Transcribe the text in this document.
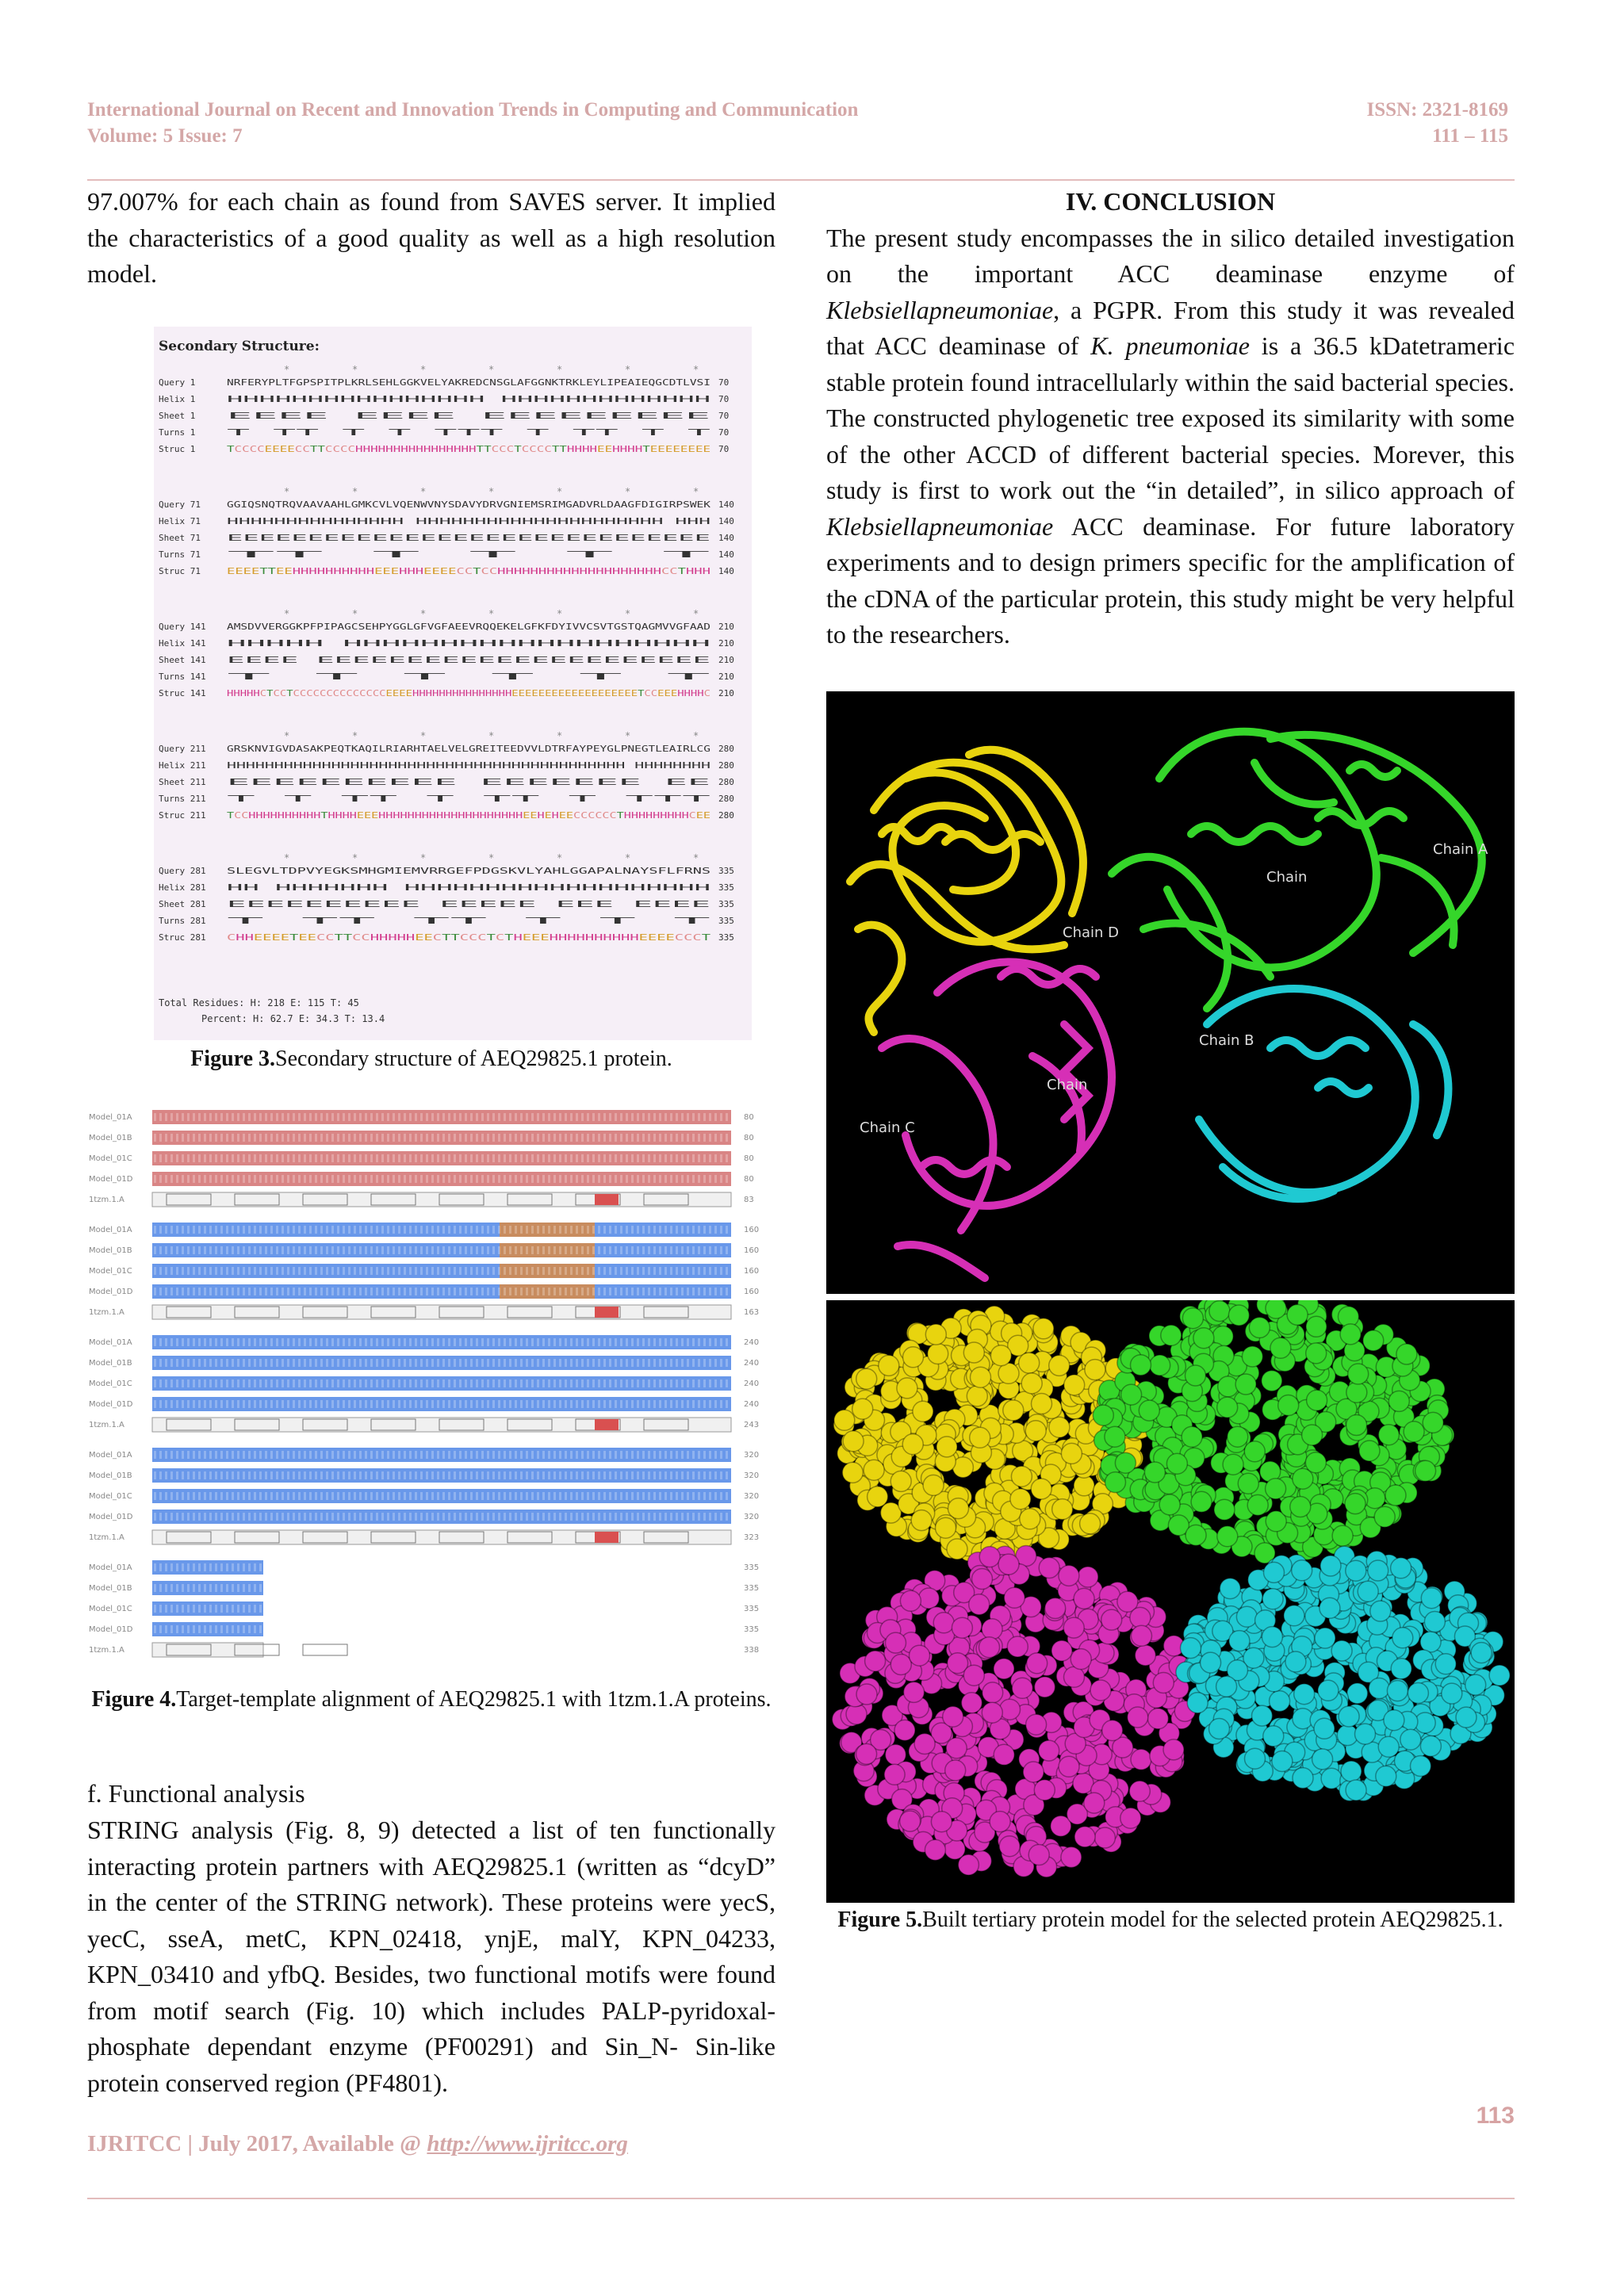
International Journal on Recent and Innovation Trends in Computing and Communication
Volume: 5 Issue: 7
ISSN: 2321-8169
111 – 115

97.007% for each chain as found from SAVES server. It implied the characteristics of a good quality as well as a high resolution model.

Secondary Structure:
*	*	*	*	*	*	*
*	*	*	*	*	*	*
*	*	*	*	*	*	*
*	*	*	*	*	*	*
*	*	*	*	*	*	*
Query 1	NRFERYPLTFGPSPITPLKRLSEHLGGKVELYAKREDCNSGLAFGGNKTRKLEYLIPEAIEQGCDTLVSI 70
Helix 1	HHHHHHHHHHHHHHHH HHHHHHHHHHHHH 70
Sheet 1	EEEE EEEE EEEEEEEEE 70
Turns 1	T TT T T TTT T TT T T 70
Struc 1	T C C C C E E E E C C T T C C C C H H H H H H H H H H H H H H H H T T C C C T C C C C T T H H H H E E H H H H T E E E E E E E E 70
Query 71	GGIQSNQTRQVAAVAAHLGMKCVLVQENWVNYSDAVYDRVGNIEMSRIMGADVRLDAAGFDIGIRPSWEK 140
Helix 71	HHHHHHHHHHHHHHH HHHHHHHHHHHHHHHHHHHHH HHH 140
Sheet 71	EEEEEEEEEEEEEEEEEEEEEEEEEEEEEE 140
Turns 71	TT T T T T 140
Struc 71	E E E E T T E E H H H H H H H H H H E E E H H H E E E E C C T C C H H H H H H H H H H H H H H H H H H H H C C T H H H	140
Query 141 AMSDVVERGGKPFPIPAGCSEHPYGGLGFVGFAEEVRQQEKELGFKFDYIVVCSVTGSTQAGMVVGFAAD 210
Helix 141 HHHHH HHHHHHHHHHHHHHHHHHH 210
Sheet 141 EEEE EEEEEEEEEEEEEEEEEEEEEE 210
Turns 141 T T T T T T 210
Struc 141 H H H H H C T C C T C C C C C C C C C C C C C C E E E E H H H H H H H H H H H H H H H E E E E E E E E E E E E E E E E E E E T C C E E E H H H H C 210
Query 211 GRSKNVIGVDASAKPEQTKAQILRIARHTAELVELGREITEEDVVLDTRFAYPEYGLPNEGTLEAIRLCG 280
Helix 211 HHHHHHHHHHHHHHHHHHHHHHHHHHHHHHHHHHHHHHHHHH HHHHHHHH 280
Sheet 211 EEEEEEEEEE EEEEEEE EE 280
Turns 211 T T TT T TT T TTT 280
Struc 211 T C C H H H H H H H H H H T H H H H E E E H H H H H H H H H H H H H H H H H H H H E E H E H E E C C C C C C T H H H H H H H H H C E E 280
Query 281 SLEGVLTDPVYEGKSMHGMIEMVRRGEFPDGSKVLYAHLGGAPALNAYSFLFRNS 335
Helix 281 HH HHHHHHH HHHHHHHHHHHHHHHHHHH 335
Sheet 281 EEEEEEEEEE EEEEE EEE EEEE 335
Turns 281 T TT TT T T T 335
Struc 281 C H H E E E E T E E C C T T C C H H H H H E E C T T C C C T C T H E E E H H H H H H H H H H E E E E C C C T	335
Total Residues: H: 218 E: 115 T: 45
Percent: H: 62.7 E: 34.3 T: 13.4
Figure 3.Secondary structure of AEQ29825.1 protein.
Model_01A	80
Model_01B	80
Model_01C	80
Model_01D	80
1tzm.1.A	83
Model_01A	160
Model_01B	160
Model_01C	160
Model_01D	160
1tzm.1.A	163
Model_01A	240
Model_01B	240
Model_01C	240
Model_01D	240
1tzm.1.A	243
Model_01A	320
Model_01B	320
Model_01C	320
Model_01D	320
1tzm.1.A	323
Model_01A	335
Model_01B	335
Model_01C	335
Model_01D	335
1tzm.1.A	338
Figure 4.Target-template alignment of AEQ29825.1 with 1tzm.1.A proteins.
f. Functional analysis

STRING analysis (Fig. 8, 9) detected a list of ten functionally interacting protein partners with AEQ29825.1 (written as “dcyD” in the center of the STRING network). These proteins were yecS, yecC, sseA, metC, KPN_02418, ynjE, malY, KPN_04233, KPN_03410 and yfbQ. Besides, two functional motifs were found from motif search (Fig. 10) which includes PALP-pyridoxal-phosphate dependant enzyme (PF00291) and Sin_N- Sin-like protein conserved region (PF4801).

IV. CONCLUSION

The present study encompasses the in silico detailed investigation on the important ACC deaminase enzyme of Klebsiellapneumoniae, a PGPR. From this study it was revealed that ACC deaminase of K. pneumoniae is a 36.5 kDatetrameric stable protein found intracellularly within the said bacterial species. The constructed phylogenetic tree exposed its similarity with some of the other ACCD of different bacterial species. Morever, this study is first to work out the “in detailed”, in silico approach of Klebsiellapneumoniae ACC deaminase. For future laboratory experiments and to design primers specific for the amplification of the cDNA of the particular protein, this study might be very helpful to the researchers.

Chain A
Chain
Chain D
Chain B
Chain
Chain C
Figure 5.Built tertiary protein model for the selected protein AEQ29825.1.
113
IJRITCC | July 2017, Available @ http://www.ijritcc.org
